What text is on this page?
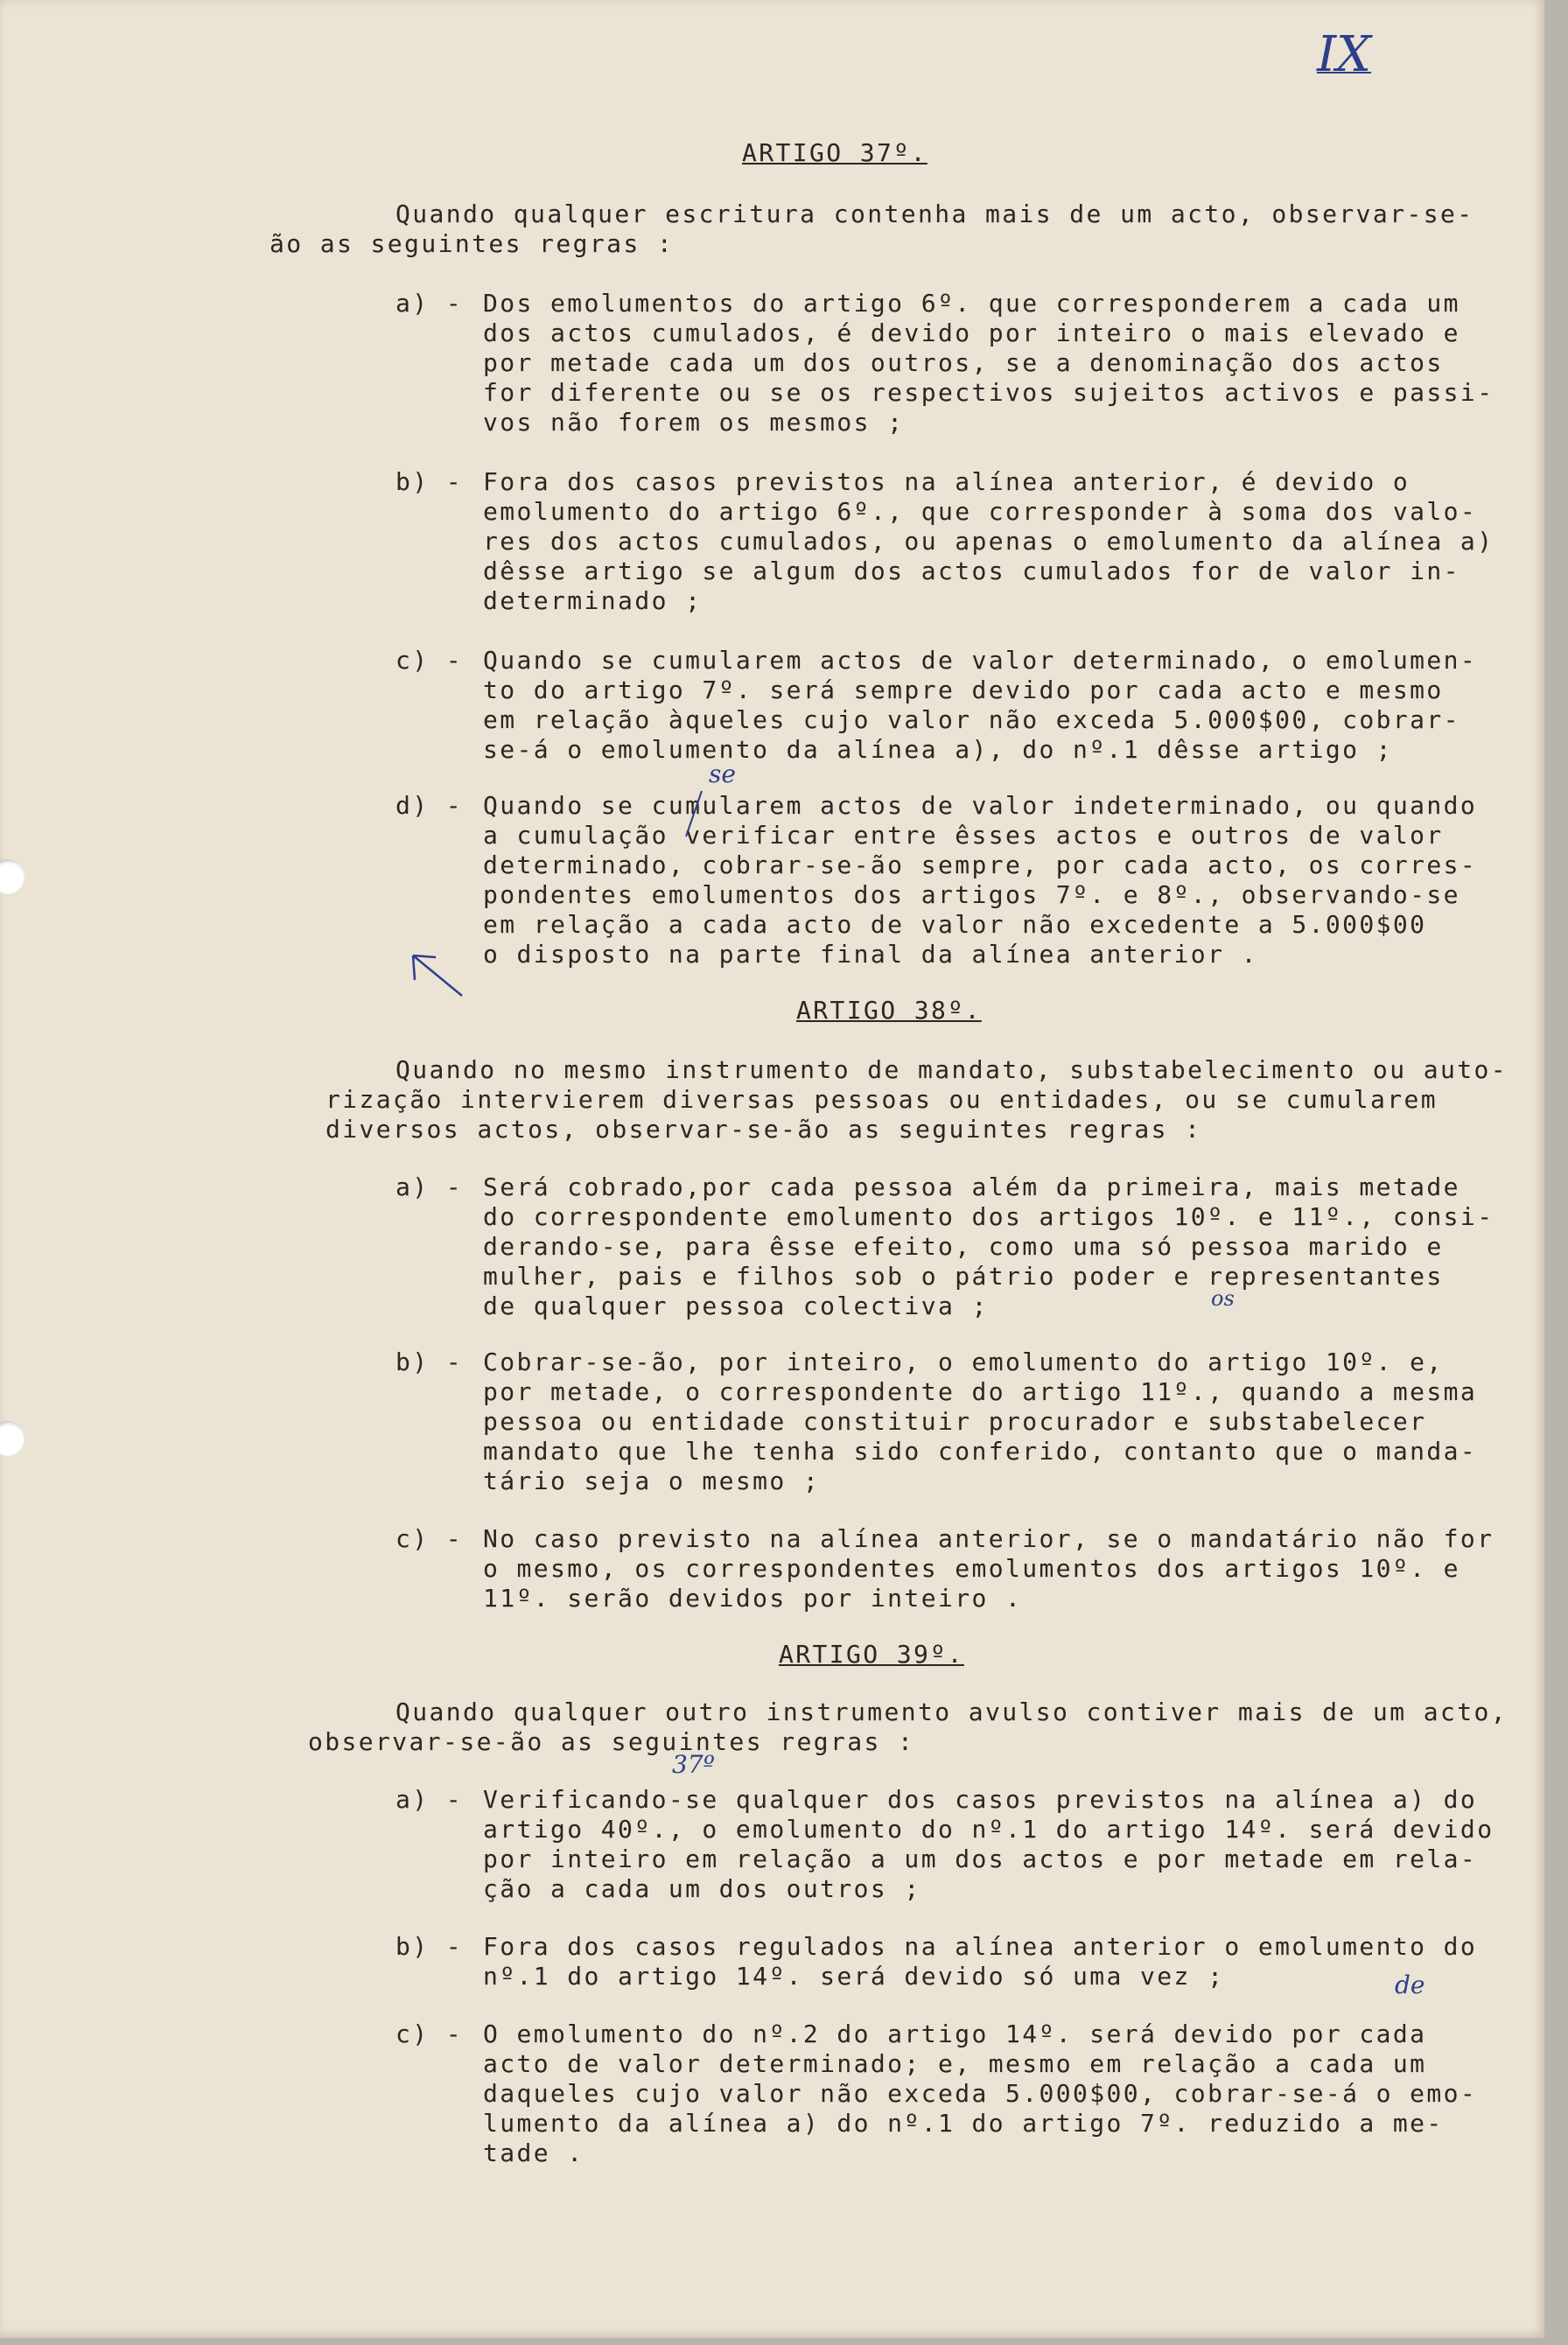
IX
ARTIGO 37º.
Quando qualquer escritura contenha mais de um acto, observar-se-
ão as seguintes regras :
a) - Dos emolumentos do artigo 6º. que corresponderem a cada um
dos actos cumulados, é devido por inteiro o mais elevado e
por metade cada um dos outros, se a denominação dos actos
for diferente ou se os respectivos sujeitos activos e passi-
vos não forem os mesmos ;
b) - Fora dos casos previstos na alínea anterior, é devido o
emolumento do artigo 6º., que corresponder à soma dos valo-
res dos actos cumulados, ou apenas o emolumento da alínea a)
dêsse artigo se algum dos actos cumulados for de valor in-
determinado ;
c) - Quando se cumularem actos de valor determinado, o emolumen-
to do artigo 7º. será sempre devido por cada acto e mesmo
em relação àqueles cujo valor não exceda 5.000$00, cobrar-
se-á o emolumento da alínea a), do nº.1 dêsse artigo ;
d) - Quando se cumularem actos de valor indeterminado, ou quando
a cumulação verificar entre êsses actos e outros de valor
determinado, cobrar-se-ão sempre, por cada acto, os corres-
pondentes emolumentos dos artigos 7º. e 8º., observando-se
em relação a cada acto de valor não excedente a 5.000$00
o disposto na parte final da alínea anterior .
se
ARTIGO 38º.
Quando no mesmo instrumento de mandato, substabelecimento ou auto-
rização intervierem diversas pessoas ou entidades, ou se cumularem
diversos actos, observar-se-ão as seguintes regras :
a) - Será cobrado,por cada pessoa além da primeira, mais metade
do correspondente emolumento dos artigos 10º. e 11º., consi-
derando-se, para êsse efeito, como uma só pessoa marido e
mulher, pais e filhos sob o pátrio poder e representantes
de qualquer pessoa colectiva ;	os
b) - Cobrar-se-ão, por inteiro, o emolumento do artigo 10º. e,
por metade, o correspondente do artigo 11º., quando a mesma
pessoa ou entidade constituir procurador e substabelecer
mandato que lhe tenha sido conferido, contanto que o manda-
tário seja o mesmo ;
c) - No caso previsto na alínea anterior, se o mandatário não for
o mesmo, os correspondentes emolumentos dos artigos 10º. e
11º. serão devidos por inteiro .
ARTIGO 39º.
Quando qualquer outro instrumento avulso contiver mais de um acto,
observar-se-ão as seguintes regras :
37º
a) - Verificando-se qualquer dos casos previstos na alínea a) do
artigo 40º., o emolumento do nº.1 do artigo 14º. será devido
por inteiro em relação a um dos actos e por metade em rela-
ção a cada um dos outros ;
b) - Fora dos casos regulados na alínea anterior o emolumento do
nº.1 do artigo 14º. será devido só uma vez ;	de
c) - O emolumento do nº.2 do artigo 14º. será devido por cada
acto de valor determinado; e, mesmo em relação a cada um
daqueles cujo valor não exceda 5.000$00, cobrar-se-á o emo-
lumento da alínea a) do nº.1 do artigo 7º. reduzido a me-
tade .
